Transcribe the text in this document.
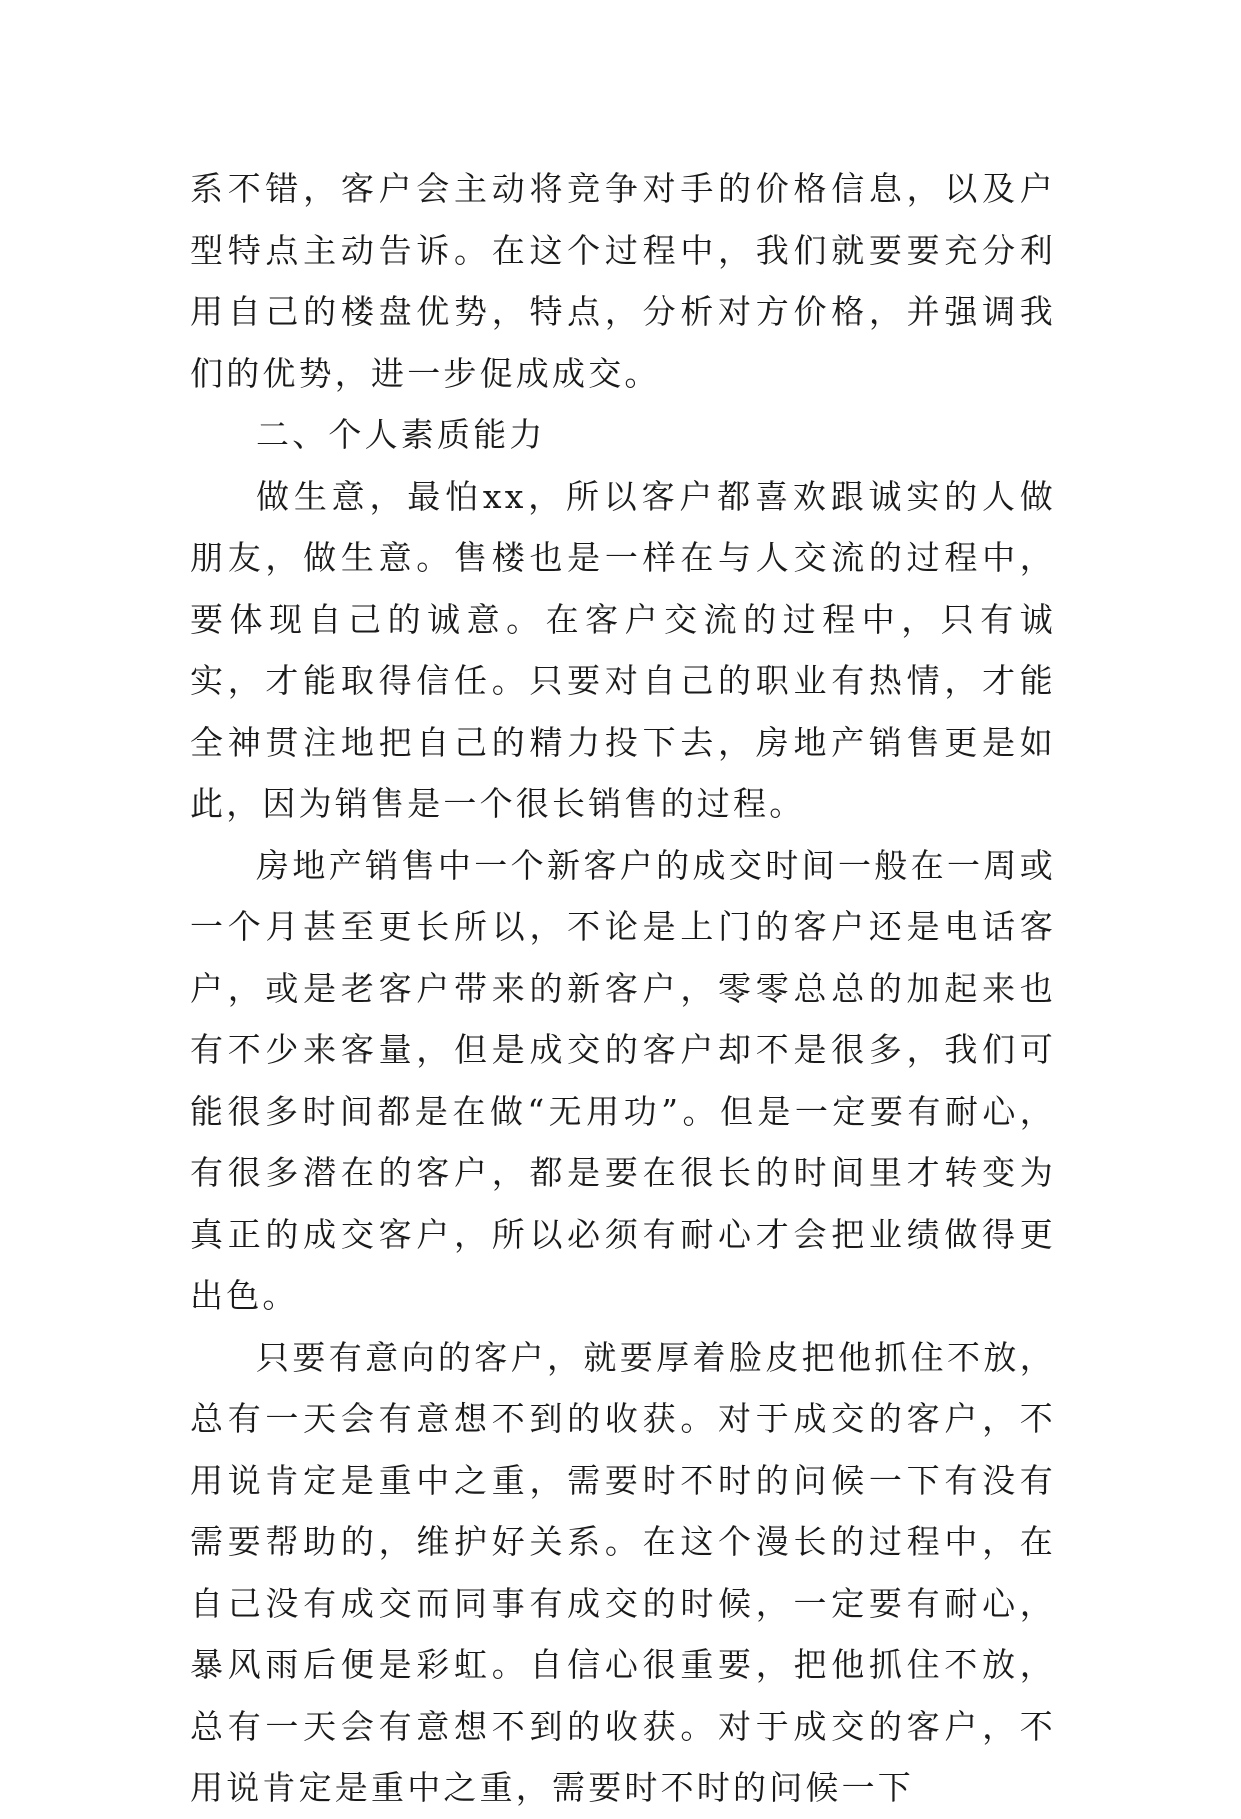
系不错，客户会主动将竞争对手的价格信息，以及户型特点主动告诉。在这个过程中，我们就要要充分利用自己的楼盘优势，特点，分析对方价格，并强调我们的优势，进一步促成成交。

二、个人素质能力

做生意，最怕xx，所以客户都喜欢跟诚实的人做朋友，做生意。售楼也是一样在与人交流的过程中，要体现自己的诚意。在客户交流的过程中，只有诚实，才能取得信任。只要对自己的职业有热情，才能全神贯注地把自己的精力投下去，房地产销售更是如此，因为销售是一个很长销售的过程。

房地产销售中一个新客户的成交时间一般在一周或一个月甚至更长所以，不论是上门的客户还是电话客户，或是老客户带来的新客户，零零总总的加起来也有不少来客量，但是成交的客户却不是很多，我们可能很多时间都是在做“无用功”。但是一定要有耐心，有很多潜在的客户，都是要在很长的时间里才转变为真正的成交客户，所以必须有耐心才会把业绩做得更出色。

只要有意向的客户，就要厚着脸皮把他抓住不放，总有一天会有意想不到的收获。对于成交的客户，不用说肯定是重中之重，需要时不时的问候一下有没有需要帮助的，维护好关系。在这个漫长的过程中，在自己没有成交而同事有成交的时候，一定要有耐心，暴风雨后便是彩虹。自信心很重要，把他抓住不放，总有一天会有意想不到的收获。对于成交的客户，不用说肯定是重中之重，需要时不时的问候一下
